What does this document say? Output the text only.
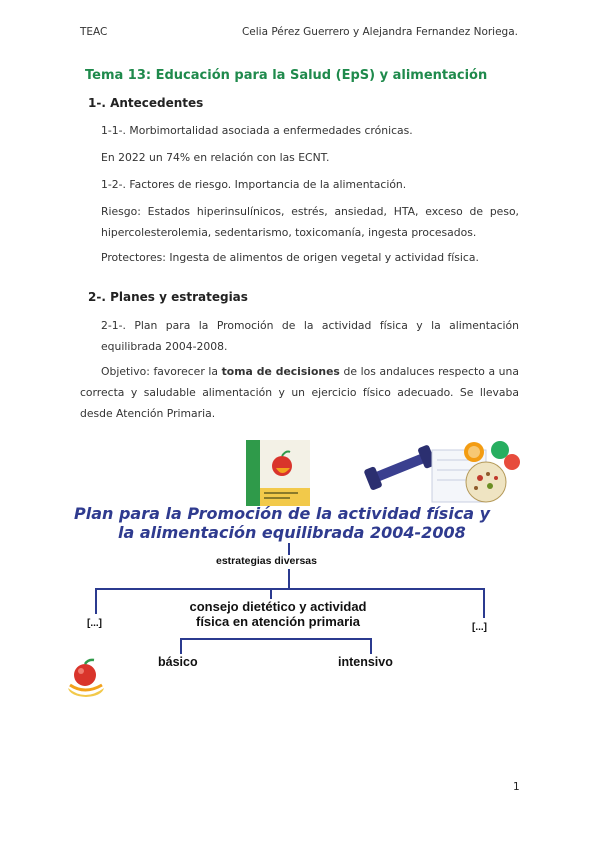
TEAC	Celia Pérez Guerrero y Alejandra Fernandez Noriega.
Tema 13: Educación para la Salud (EpS) y alimentación
1-. Antecedentes
1-1-. Morbimortalidad asociada a enfermedades crónicas.
En 2022 un 74% en relación con las ECNT.
1-2-. Factores de riesgo. Importancia de la alimentación.
Riesgo: Estados hiperinsulínicos, estrés, ansiedad, HTA, exceso de peso, hipercolesterolemia, sedentarismo, toxicomanía, ingesta procesados.
Protectores: Ingesta de alimentos de origen vegetal y actividad física.
2-. Planes y estrategias
2-1-. Plan para la Promoción de la actividad física y la alimentación equilibrada 2004-2008.
Objetivo: favorecer la toma de decisiones de los andaluces respecto a una correcta y saludable alimentación y un ejercicio físico adecuado. Se llevaba desde Atención Primaria.
Plan para la Promoción de la actividad física y
la alimentación equilibrada 2004-2008
estrategias diversas
[...]	[...]
consejo dietético y actividad
física en atención primaria
básico	intensivo
1
